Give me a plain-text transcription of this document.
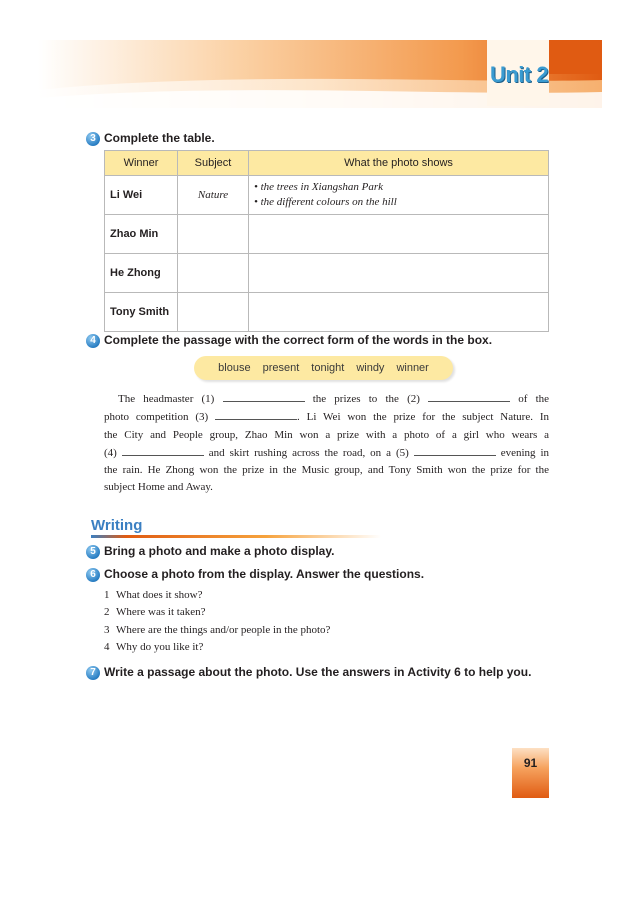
Unit 2
3 Complete the table.
Winner	Subject	What the photo shows
Li Wei	Nature	• the trees in Xiangshan Park
• the different colours on the hill

Zhao Min		
He Zhong		
Tony Smith		
4 Complete the passage with the correct form of the words in the box.
blouse present tonight windy winner
The headmaster (1)	the prizes to the (2)	of the
photo competition (3)	. Li Wei won the prize for the subject Nature. In
the City and People group, Zhao Min won a prize with a photo of a girl who wears a
(4)	and skirt rushing across the road, on a (5)	evening in
the rain. He Zhong won the prize in the Music group, and Tony Smith won the prize for the
subject Home and Away.
Writing
5 Bring a photo and make a photo display.
6 Choose a photo from the display. Answer the questions.
1 What does it show?
2 Where was it taken?
3 Where are the things and/or people in the photo?
4 Why do you like it?
7 Write a passage about the photo. Use the answers in Activity 6 to help you.
91
